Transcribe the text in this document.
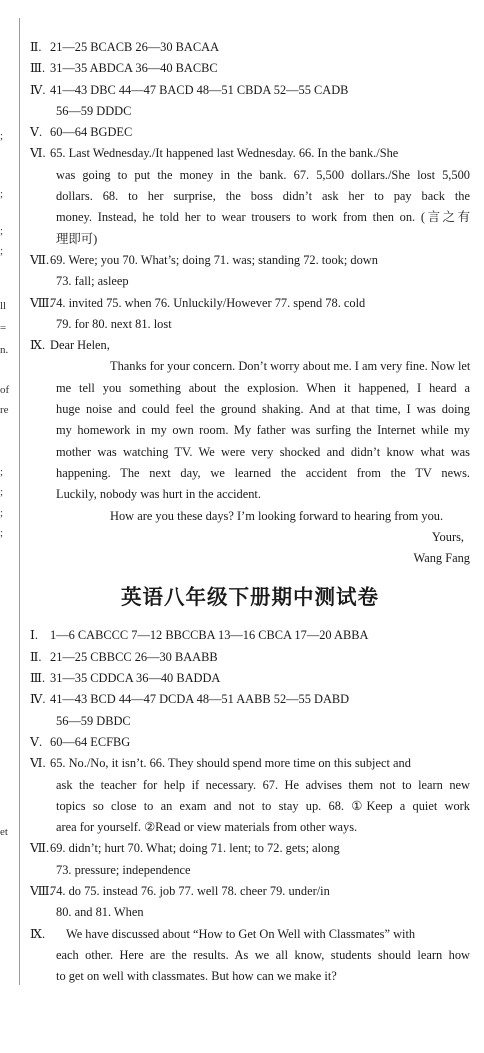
;
;
;
;
ll
=
n.
of
re
;
;
;
;
et
Ⅱ. 21—25 BCACB 26—30 BACAA
Ⅲ. 31—35 ABDCA 36—40 BACBC
Ⅳ. 41—43 DBC 44—47 BACD 48—51 CBDA 52—55 CADB
56—59 DDDC
Ⅴ. 60—64 BGDEC
Ⅵ. 65. Last Wednesday./It happened last Wednesday. 66. In the bank./She
was going to put the money in the bank. 67. 5,500 dollars./She lost 5,500
dollars. 68. to her surprise, the boss didn’t ask her to pay back the
money. Instead, he told her to wear trousers to work from then on. (言之有
理即可)
Ⅶ.69. Were; you 70. What’s; doing 71. was; standing 72. took; down
73. fall; asleep
Ⅷ.74. invited 75. when 76. Unluckily/However 77. spend 78. cold
79. for 80. next 81. lost
Ⅸ. Dear Helen,
Thanks for your concern. Don’t worry about me. I am very fine. Now let
me tell you something about the explosion. When it happened, I heard a
huge noise and could feel the ground shaking. And at that time, I was doing
my homework in my own room. My father was surfing the Internet while my
mother was watching TV. We were very shocked and didn’t know what was
happening. The next day, we learned the accident from the TV news.
Luckily, nobody was hurt in the accident.
How are you these days? I’m looking forward to hearing from you.
Yours,
Wang Fang
英语八年级下册期中测试卷
Ⅰ. 1—6 CABCCC 7—12 BBCCBA 13—16 CBCA 17—20 ABBA
Ⅱ. 21—25 CBBCC 26—30 BAABB
Ⅲ. 31—35 CDDCA 36—40 BADDA
Ⅳ. 41—43 BCD 44—47 DCDA 48—51 AABB 52—55 DABD
56—59 DBDC
Ⅴ. 60—64 ECFBG
Ⅵ. 65. No./No, it isn’t. 66. They should spend more time on this subject and
ask the teacher for help if necessary. 67. He advises them not to learn new
topics so close to an exam and not to stay up. 68. ①Keep a quiet work
area for yourself. ②Read or view materials from other ways.
Ⅶ.69. didn’t; hurt 70. What; doing 71. lent; to 72. gets; along
73. pressure; independence
Ⅷ.74. do 75. instead 76. job 77. well 78. cheer 79. under/in
80. and 81. When
Ⅸ. We have discussed about “How to Get On Well with Classmates” with
each other. Here are the results. As we all know, students should learn how
to get on well with classmates. But how can we make it?
